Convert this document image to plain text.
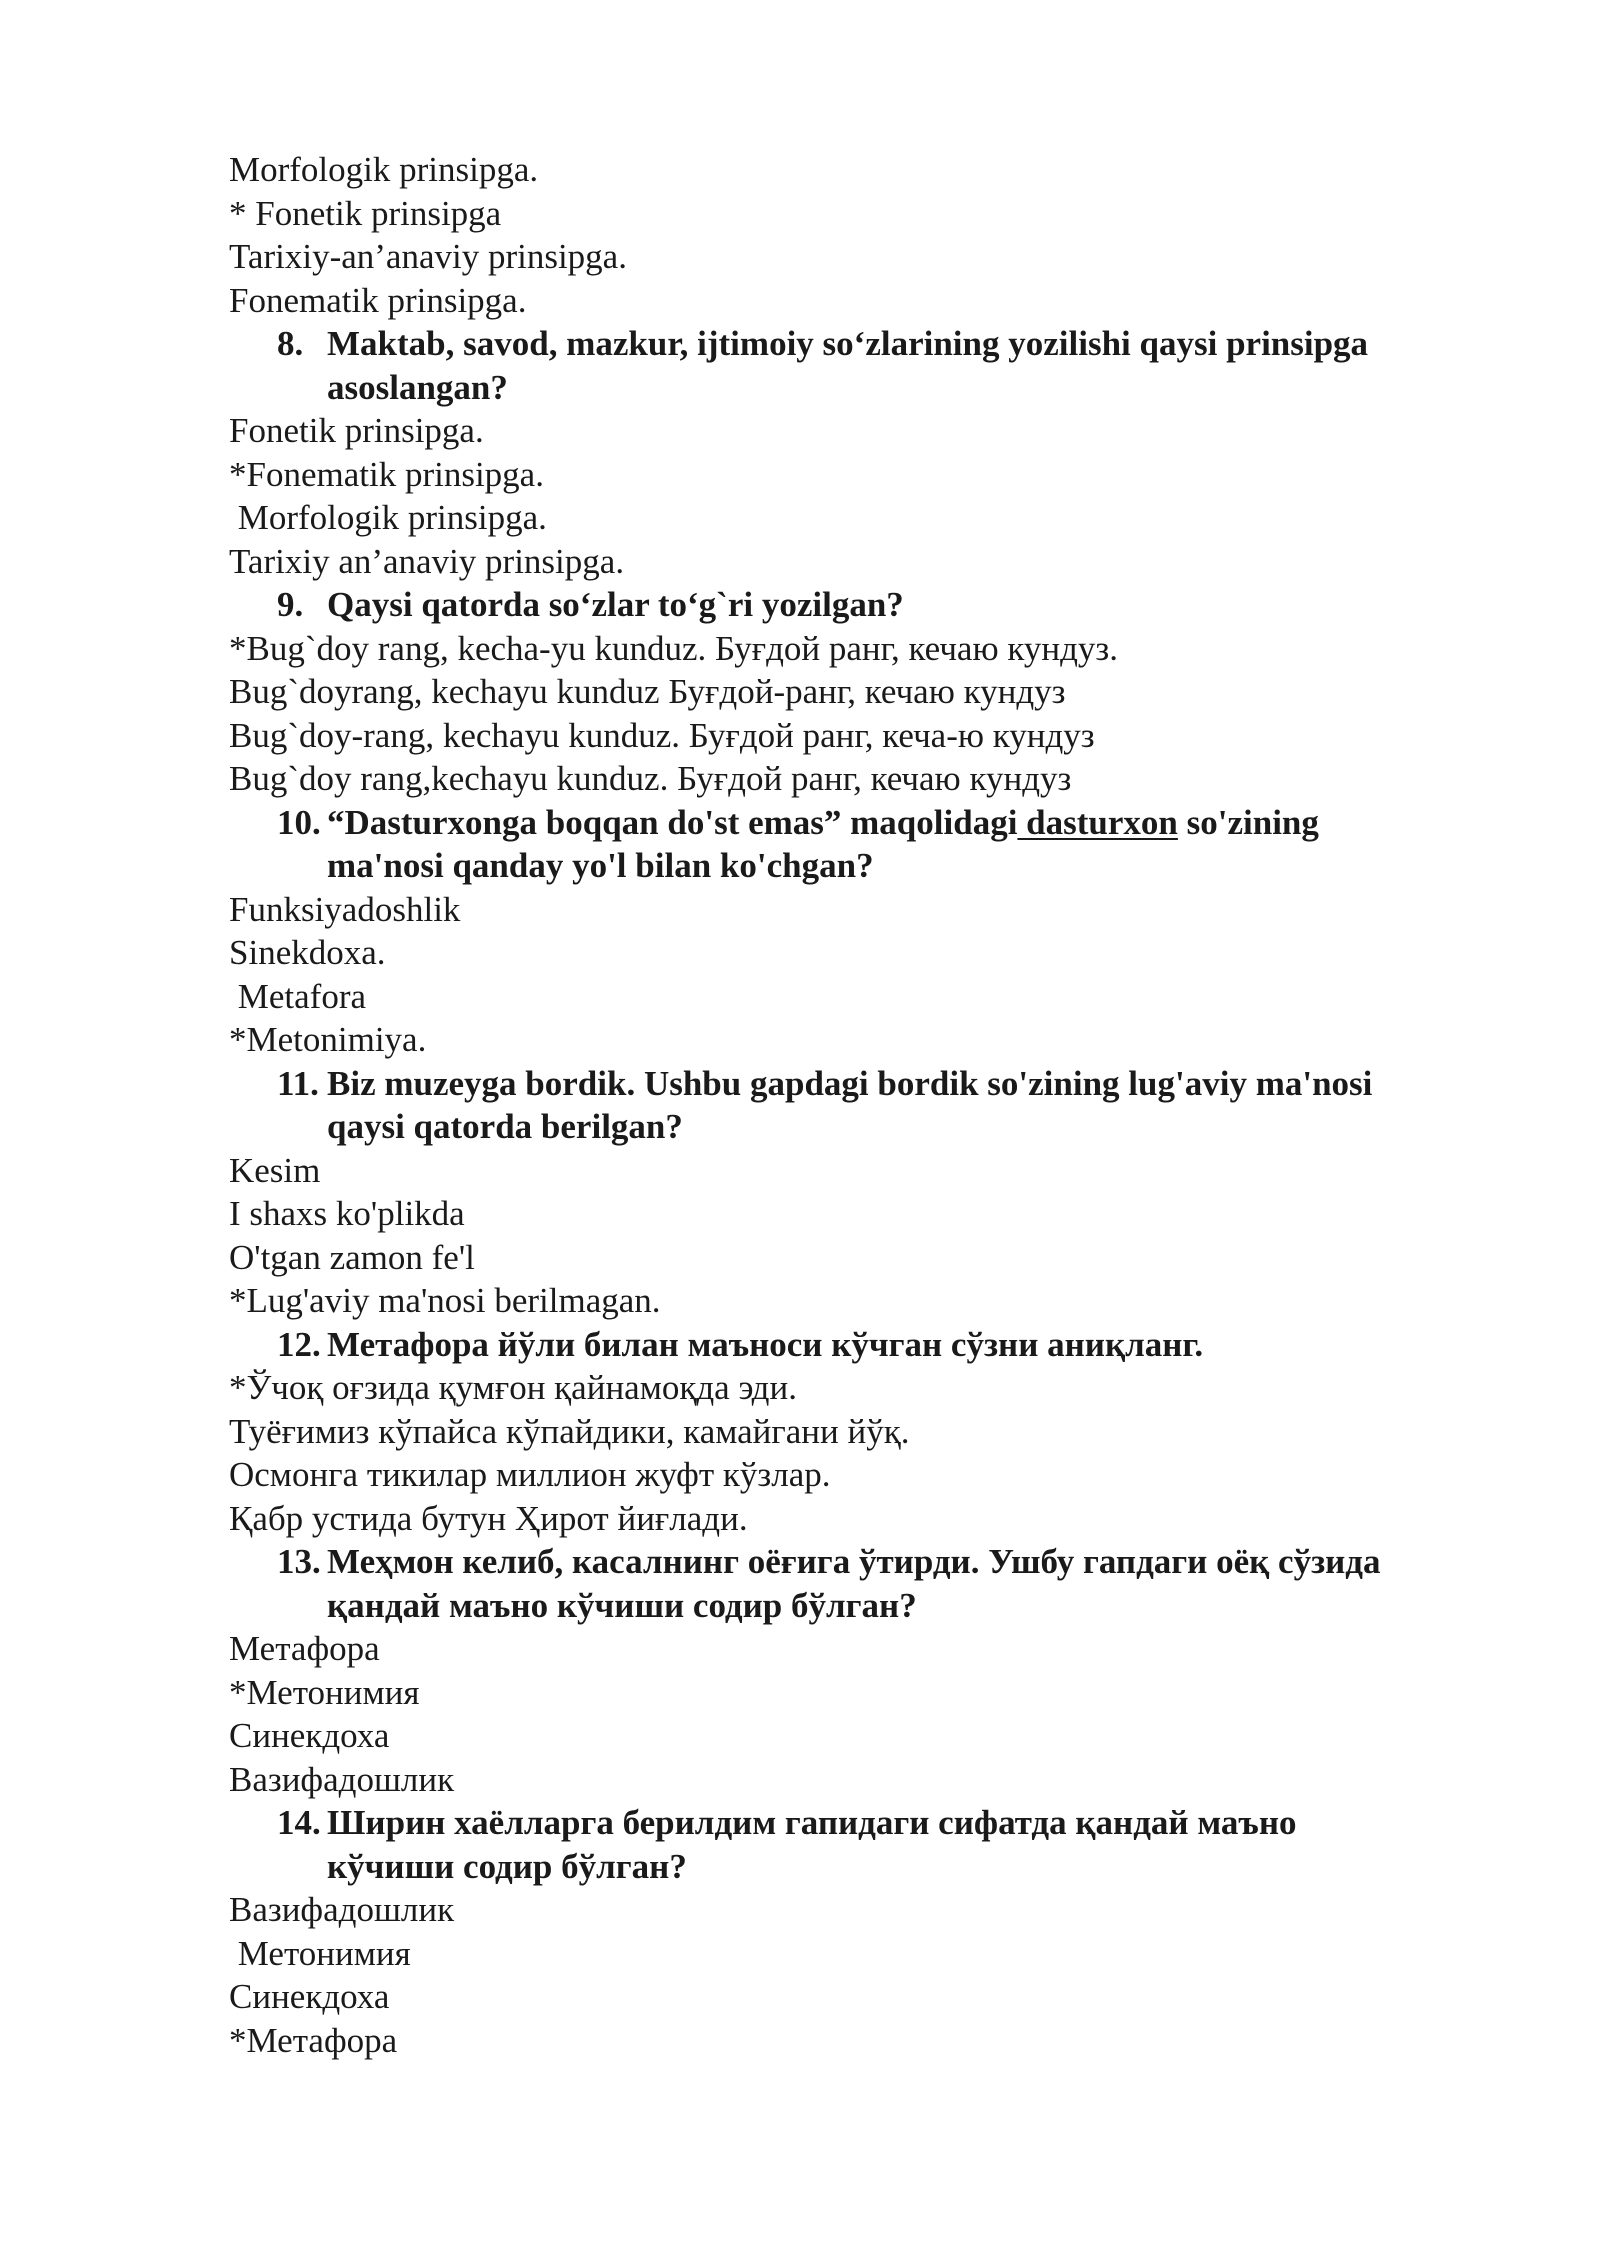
Morfologik prinsipga.
* Fonetik prinsipga
Tarixiy-an’anaviy prinsipga.
Fonematik prinsipga.
8. Maktab, savod, mazkur, ijtimoiy so‘zlarining yozilishi qaysi prinsipga
asoslangan?
Fonetik prinsipga.
*Fonematik prinsipga.
Morfologik prinsipga.
Tarixiy an’anaviy prinsipga.
9. Qaysi qatorda so‘zlar to‘g`ri yozilgan?
*Bug`doy rang, kecha-yu kunduz. Буғдой ранг, кечаю кундуз.
Bug`doyrang, kechayu kunduz Буғдой-ранг, кечаю кундуз
Bug`doy-rang, kechayu kunduz. Буғдой ранг, кеча-ю кундуз
Bug`doy rang,kechayu kunduz. Буғдой ранг, кечаю кундуз
10. “Dasturxonga boqqan do'st emas” maqolidagi dasturxon so'zining
ma'nosi qanday yo'l bilan ko'chgan?
Funksiyadoshlik
Sinekdoxa.
Metafora
*Metonimiya.
11. Biz muzeyga bordik. Ushbu gapdagi bordik so'zining lug'aviy ma'nosi
qaysi qatorda berilgan?
Kesim
I shaxs ko'plikda
O'tgan zamon fe'l
*Lug'aviy ma'nosi berilmagan.
12. Метафора йўли билан маъноси кўчган сўзни аниқланг.
*Ўчоқ оғзида қумғон қайнамоқда эди.
Туёғимиз кўпайса кўпайдики, камайгани йўқ.
Осмонга тикилар миллион жуфт кўзлар.
Қабр устида бутун Ҳирот йиғлади.
13. Меҳмон келиб, касалнинг оёғига ўтирди. Ушбу гапдаги оёқ сўзида
қандай маъно кўчиши содир бўлган?
Метафора
*Метонимия
Синекдоха
Вазифадошлик
14. Ширин хаёлларга берилдим гапидаги сифатда қандай маъно
кўчиши содир бўлган?
Вазифадошлик
Метонимия
Синекдоха
*Метафора
